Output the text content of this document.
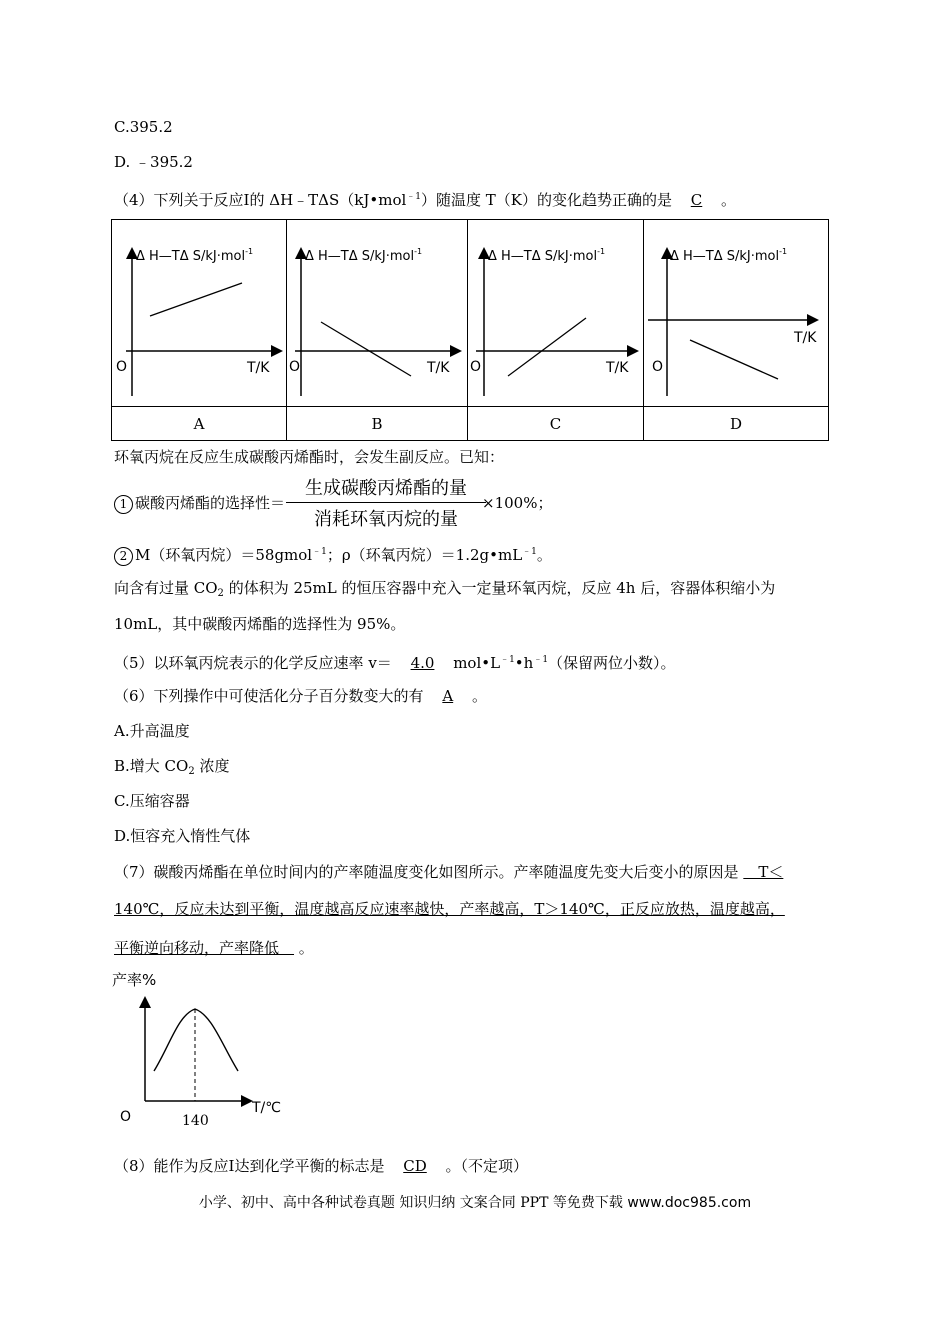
C.395.2
D. ﹣395.2
（4）下列关于反应Ⅰ的 ΔH﹣TΔS（kJ•mol$^{﹣1}$）随温度 T（K）的变化趋势正确的是 C 。
Δ H—TΔ S/kJ·mol$^{-1}$
T/K
O	Δ H—TΔ S/kJ·mol$^{-1}$
T/K
O	Δ H—TΔ S/kJ·mol$^{-1}$
T/K
O	Δ H—TΔ S/kJ·mol$^{-1}$
T/K
O

A	B	C	D
环氧丙烷在反应生成碳酸丙烯酯时，会发生副反应。已知：
1 碳酸丙烯酯的选择性＝
生成碳酸丙烯酯的量
消耗环氧丙烷的量
×100%；
2 M（环氧丙烷）＝58gmol$^{﹣1}$；ρ（环氧丙烷）$=1.2g•mL^{﹣1}$。
向含有过量 $CO_2$ 的体积为 25mL 的恒压容器中充入一定量环氧丙烷，反应 4h 后，容器体积缩小为
10mL，其中碳酸丙烯酯的选择性为 95%。
（5）以环氧丙烷表示的化学反应速率 v＝ 4.0 $mol•L^{﹣1}•h^{﹣1}$（保留两位小数）。
（6）下列操作中可使活化分子百分数变大的有 A 。
A.升高温度
B.增大 $CO_2$ 浓度
C.压缩容器
D.恒容充入惰性气体
（7）碳酸丙烯酯在单位时间内的产率随温度变化如图所示。产率随温度先变大后变小的原因是 　T＜
140℃，反应未达到平衡，温度越高反应速率越快，产率越高，T＞140℃，正反应放热，温度越高，
平衡逆向移动，产率降低　 。
产率%
T/℃
O	140
（8）能作为反应Ⅰ达到化学平衡的标志是 CD 。（不定项）
小学、初中、高中各种试卷真题 知识归纳 文案合同 PPT 等免费下载 www.doc985.com
